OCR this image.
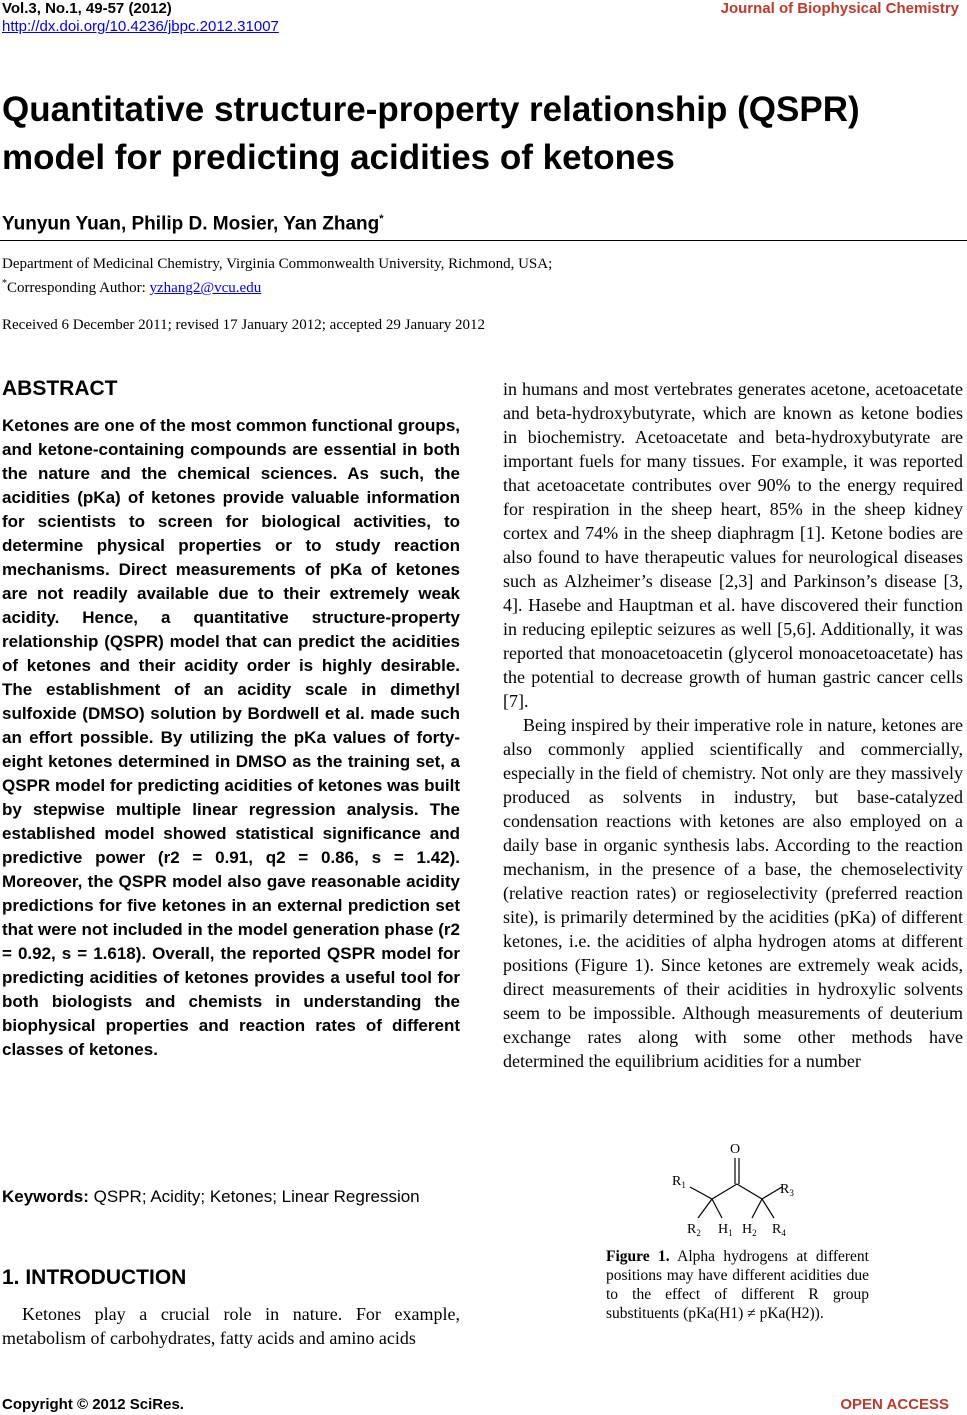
Vol.3, No.1, 49-57 (2012)
http://dx.doi.org/10.4236/jbpc.2012.31007
Journal of Biophysical Chemistry
Quantitative structure-property relationship (QSPR) model for predicting acidities of ketones
Yunyun Yuan, Philip D. Mosier, Yan Zhang*
Department of Medicinal Chemistry, Virginia Commonwealth University, Richmond, USA;
*Corresponding Author: yzhang2@vcu.edu
Received 6 December 2011; revised 17 January 2012; accepted 29 January 2012
ABSTRACT
Ketones are one of the most common functional groups, and ketone-containing compounds are essential in both the nature and the chemical sciences. As such, the acidities (pKa) of ketones provide valuable information for scientists to screen for biological activities, to determine physical properties or to study reaction mechanisms. Direct measurements of pKa of ketones are not readily available due to their extremely weak acidity. Hence, a quantitative structure-property relationship (QSPR) model that can predict the acidities of ketones and their acidity order is highly desirable. The establishment of an acidity scale in dimethyl sulfoxide (DMSO) solution by Bordwell et al. made such an effort possible. By utilizing the pKa values of forty-eight ketones determined in DMSO as the training set, a QSPR model for predicting acidities of ketones was built by stepwise multiple linear regression analysis. The established model showed statistical significance and predictive power (r2 = 0.91, q2 = 0.86, s = 1.42). Moreover, the QSPR model also gave reasonable acidity predictions for five ketones in an external prediction set that were not included in the model generation phase (r2 = 0.92, s = 1.618). Overall, the reported QSPR model for predicting acidities of ketones provides a useful tool for both biologists and chemists in understanding the biophysical properties and reaction rates of different classes of ketones.
Keywords: QSPR; Acidity; Ketones; Linear Regression
1. INTRODUCTION
Ketones play a crucial role in nature. For example, metabolism of carbohydrates, fatty acids and amino acids

in humans and most vertebrates generates acetone, acetoacetate and beta-hydroxybutyrate, which are known as ketone bodies in biochemistry. Acetoacetate and beta-hydroxybutyrate are important fuels for many tissues. For example, it was reported that acetoacetate contributes over 90% to the energy required for respiration in the sheep heart, 85% in the sheep kidney cortex and 74% in the sheep diaphragm [1]. Ketone bodies are also found to have therapeutic values for neurological diseases such as Alzheimer’s disease [2,3] and Parkinson’s disease [3, 4]. Hasebe and Hauptman et al. have discovered their function in reducing epileptic seizures as well [5,6]. Additionally, it was reported that monoacetoacetin (glycerol monoacetoacetate) has the potential to decrease growth of human gastric cancer cells [7].

Being inspired by their imperative role in nature, ketones are also commonly applied scientifically and commercially, especially in the field of chemistry. Not only are they massively produced as solvents in industry, but base-catalyzed condensation reactions with ketones are also employed on a daily base in organic synthesis labs. According to the reaction mechanism, in the presence of a base, the chemoselectivity (relative reaction rates) or regioselectivity (preferred reaction site), is primarily determined by the acidities (pKa) of different ketones, i.e. the acidities of alpha hydrogen atoms at different positions (Figure 1). Since ketones are extremely weak acids, direct measurements of their acidities in hydroxylic solvents seem to be impossible. Although measurements of deuterium exchange rates along with some other methods have determined the equilibrium acidities for a number

O
$R_1$	$R_3$
$R_2$ $H_1$ $H_2$ $R_4$
Figure 1. Alpha hydrogens at different positions may have different acidities due to the effect of different R group substituents (pKa(H1) ≠ pKa(H2)).
Copyright © 2012 SciRes.	OPEN ACCESS
